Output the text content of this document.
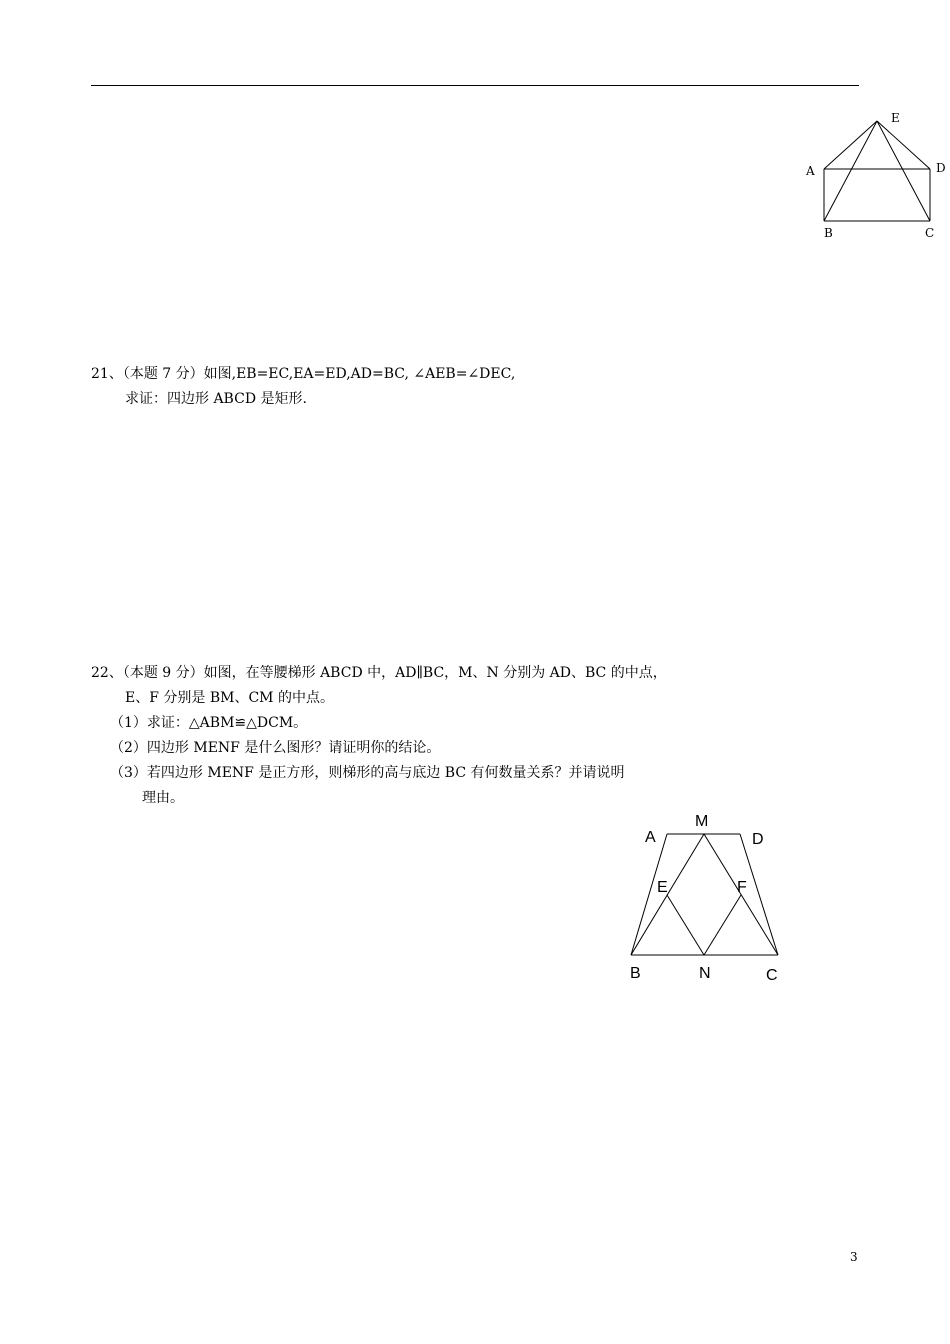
E
A	D
B	C
21、（本题 7 分）如图,EB=EC,EA=ED,AD=BC, ∠AEB=∠DEC,
求证：四边形 ABCD 是矩形.
22、（本题 9 分）如图，在等腰梯形 ABCD 中，AD∥BC，M、N 分别为 AD、BC 的中点，
E、F 分别是 BM、CM 的中点。
（1）求证：△ABM≌△DCM。
（2）四边形 MENF 是什么图形？请证明你的结论。
（3）若四边形 MENF 是正方形，则梯形的高与底边 BC 有何数量关系？并请说明
理由。
M
A	D
E	F
B	N	C
3
